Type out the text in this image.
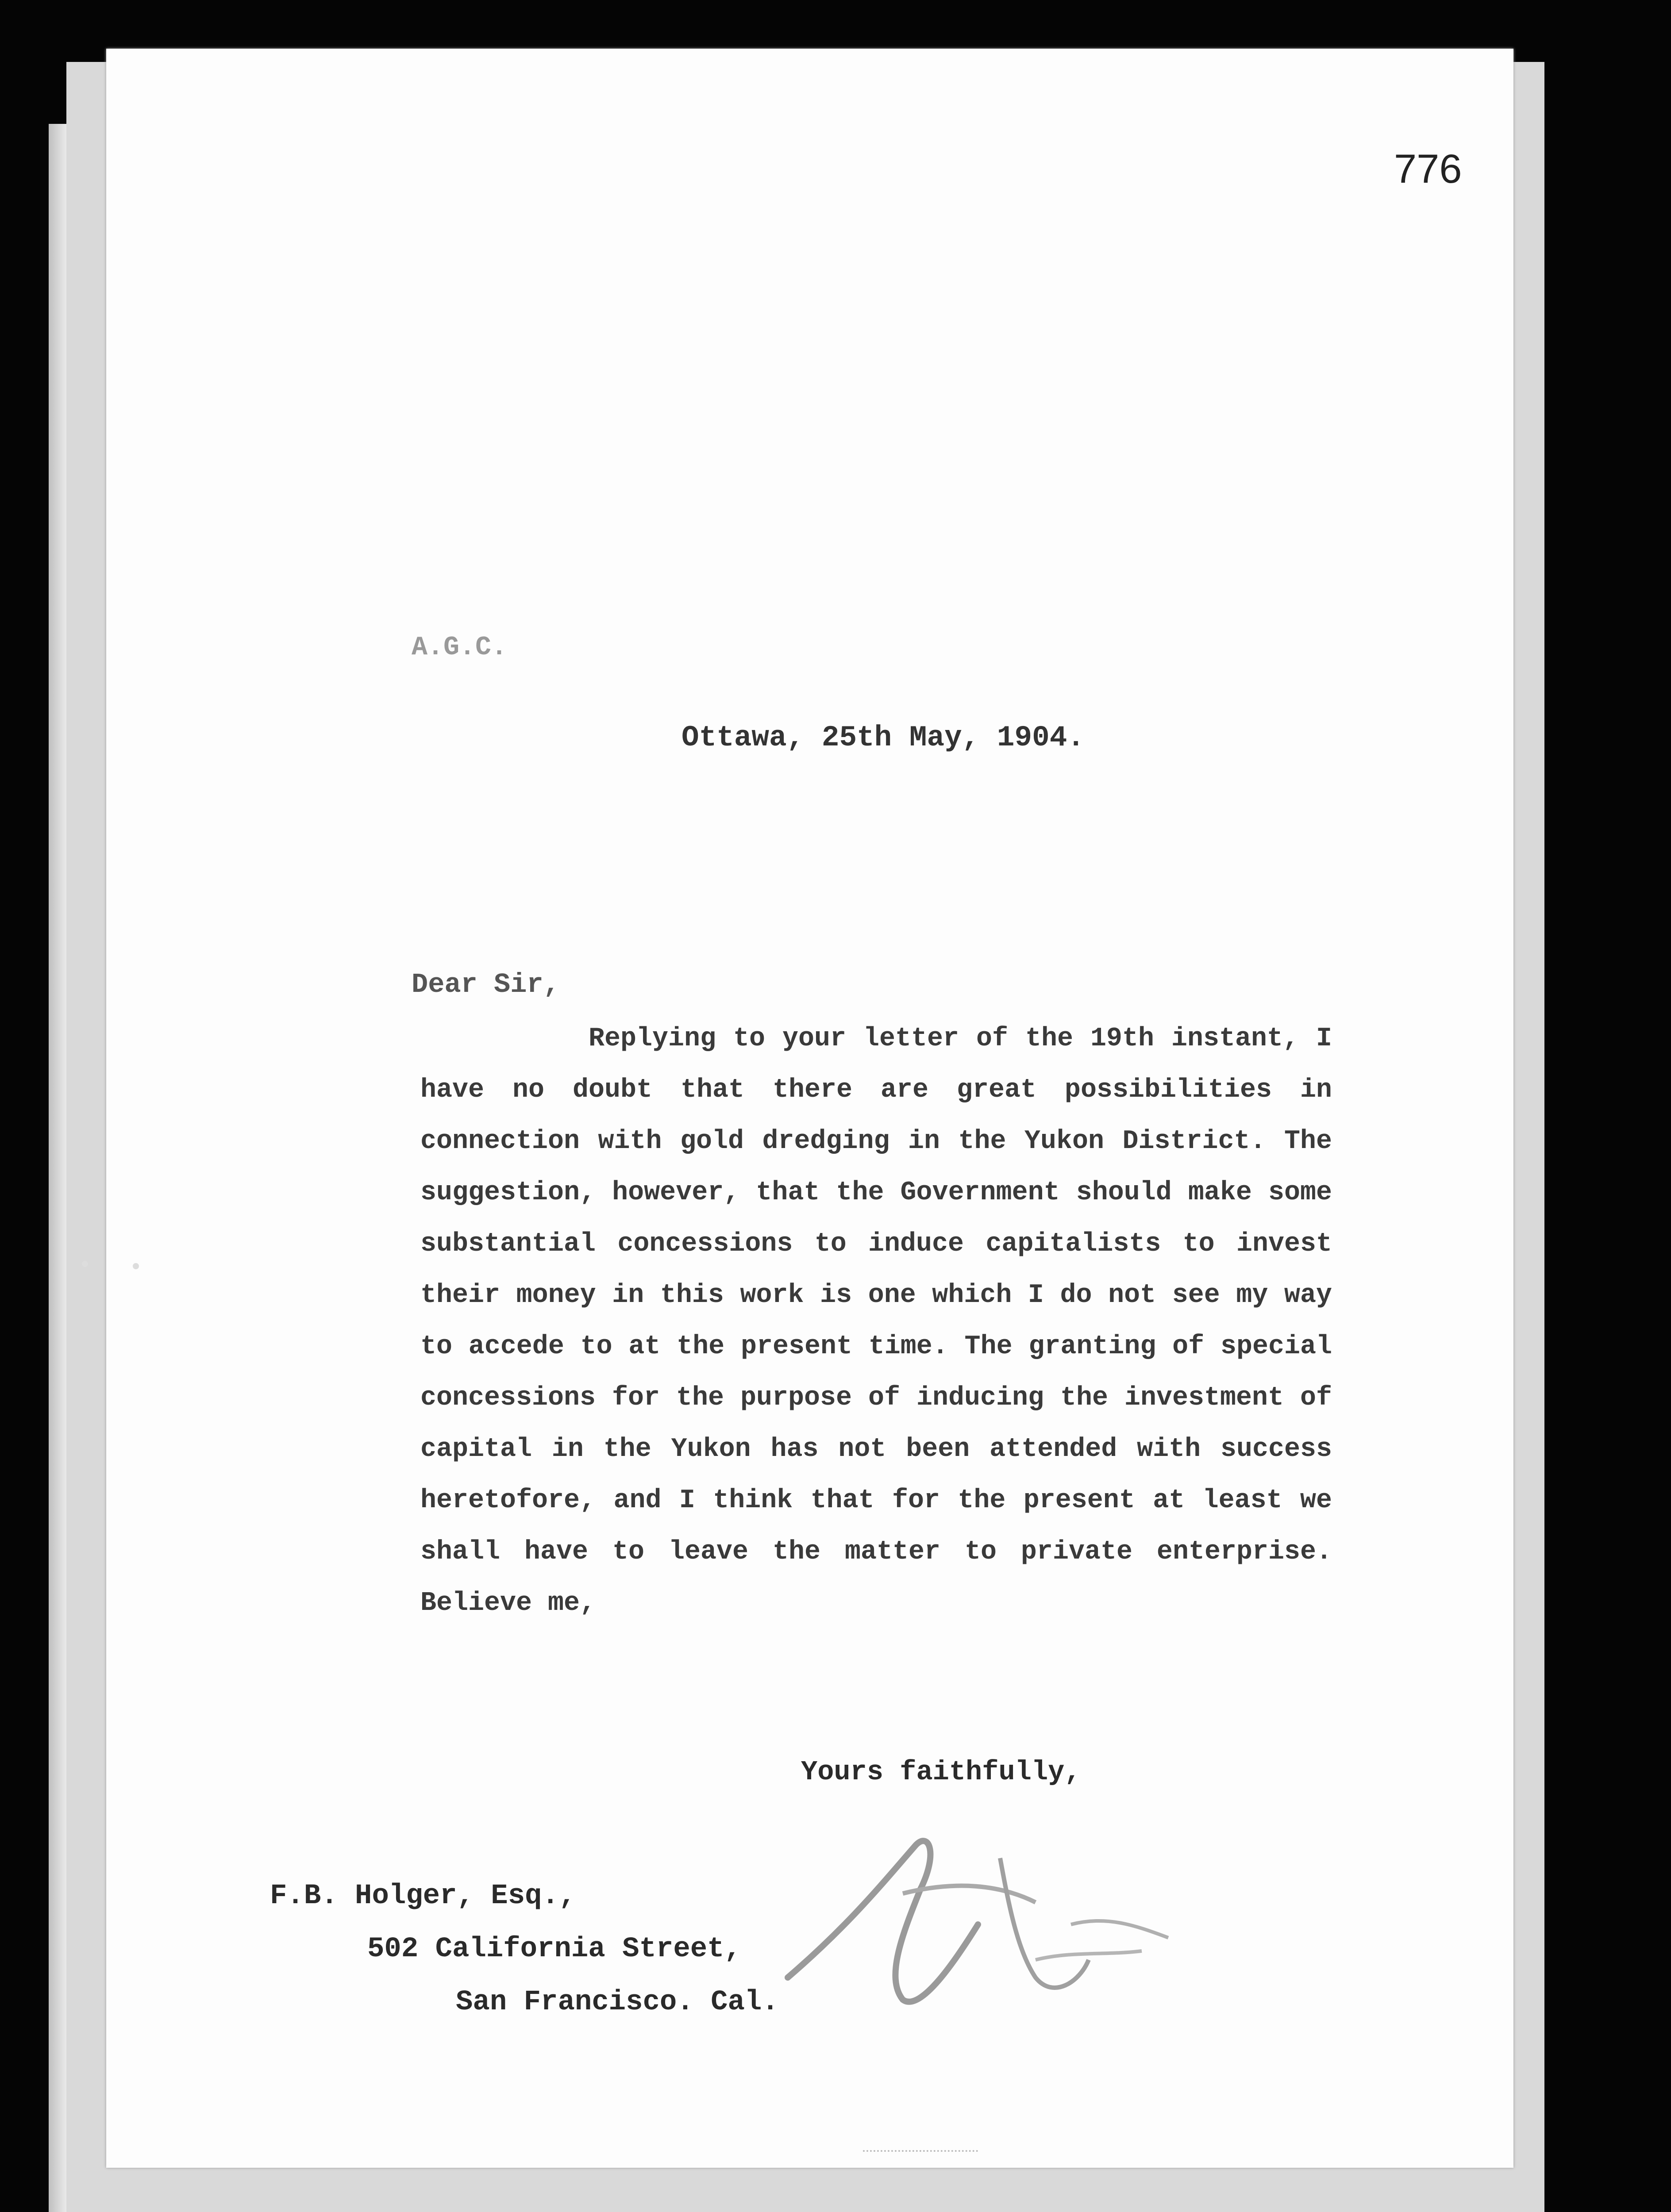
776
A.G.C.
Ottawa, 25th May, 1904.
Dear Sir,
Replying to your letter of the 19th instant, I have no doubt that there are great possibilities in connection with gold dredging in the Yukon District. The suggestion, however, that the Government should make some substantial concessions to induce capitalists to invest their money in this work is one which I do not see my way to accede to at the present time. The granting of special concessions for the purpose of inducing the investment of capital in the Yukon has not been attended with success heretofore, and I think that for the present at least we shall have to leave the matter to private enterprise. Believe me,
Yours faithfully,
F.B. Holger, Esq.,
502 California Street,
San Francisco. Cal.
